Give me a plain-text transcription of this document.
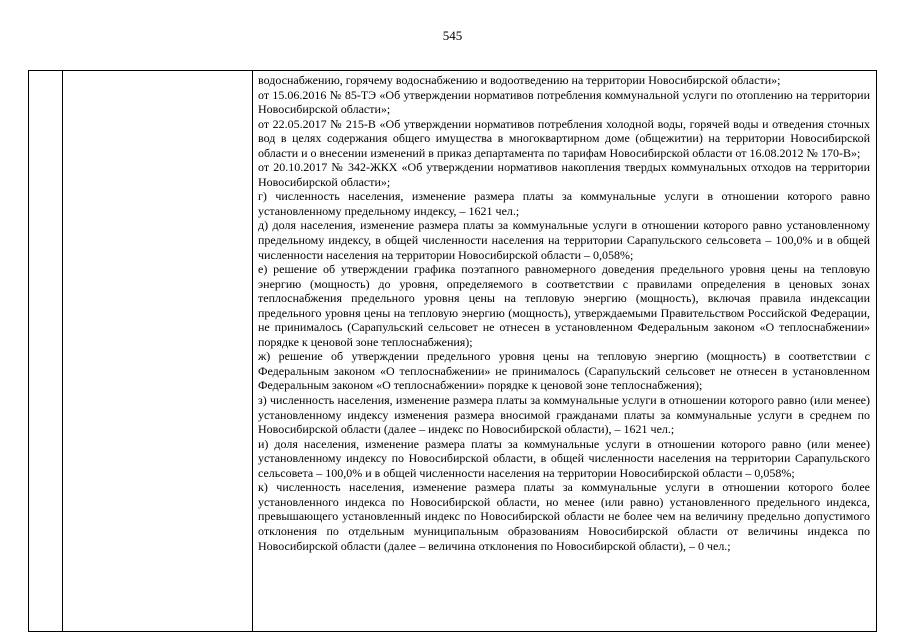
545

водоснабжению, горячему водоснабжению и водоотведению на территории Новосибирской области»;

от 15.06.2016 № 85-ТЭ «Об утверждении нормативов потребления коммунальной услуги по отоплению на территории Новосибирской области»;

от 22.05.2017 № 215-В «Об утверждении нормативов потребления холодной воды, горячей воды и отведения сточных вод в целях содержания общего имущества в многоквартирном доме (общежитии) на территории Новосибирской области и о внесении изменений в приказ департамента по тарифам Новосибирской области от 16.08.2012 № 170-В»;

от 20.10.2017 № 342-ЖКХ «Об утверждении нормативов накопления твердых коммунальных отходов на территории Новосибирской области»;

г) численность населения, изменение размера платы за коммунальные услуги в отношении которого равно установленному предельному индексу, – 1621 чел.;

д) доля населения, изменение размера платы за коммунальные услуги в отношении которого равно установленному предельному индексу, в общей численности населения на территории Сарапульского сельсовета – 100,0% и в общей численности населения на территории Новосибирской области – 0,058%;

е) решение об утверждении графика поэтапного равномерного доведения предельного уровня цены на тепловую энергию (мощность) до уровня, определяемого в соответствии с правилами определения в ценовых зонах теплоснабжения предельного уровня цены на тепловую энергию (мощность), включая правила индексации предельного уровня цены на тепловую энергию (мощность), утверждаемыми Правительством Российской Федерации, не принималось (Сарапульский сельсовет не отнесен в установленном Федеральным законом «О теплоснабжении» порядке к ценовой зоне теплоснабжения);

ж) решение об утверждении предельного уровня цены на тепловую энергию (мощность) в соответствии с Федеральным законом «О теплоснабжении» не принималось (Сарапульский сельсовет не отнесен в установленном Федеральным законом «О теплоснабжении» порядке к ценовой зоне теплоснабжения);

з) численность населения, изменение размера платы за коммунальные услуги в отношении которого равно (или менее) установленному индексу изменения размера вносимой гражданами платы за коммунальные услуги в среднем по Новосибирской области (далее – индекс по Новосибирской области), – 1621 чел.;

и) доля населения, изменение размера платы за коммунальные услуги в отношении которого равно (или менее) установленному индексу по Новосибирской области, в общей численности населения на территории Сарапульского сельсовета – 100,0% и в общей численности населения на территории Новосибирской области – 0,058%;

к) численность населения, изменение размера платы за коммунальные услуги в отношении которого более установленного индекса по Новосибирской области, но менее (или равно) установленного предельного индекса, превышающего установленный индекс по Новосибирской области не более чем на величину предельно допустимого отклонения по отдельным муниципальным образованиям Новосибирской области от величины индекса по Новосибирской области (далее – величина отклонения по Новосибирской области), – 0 чел.;
